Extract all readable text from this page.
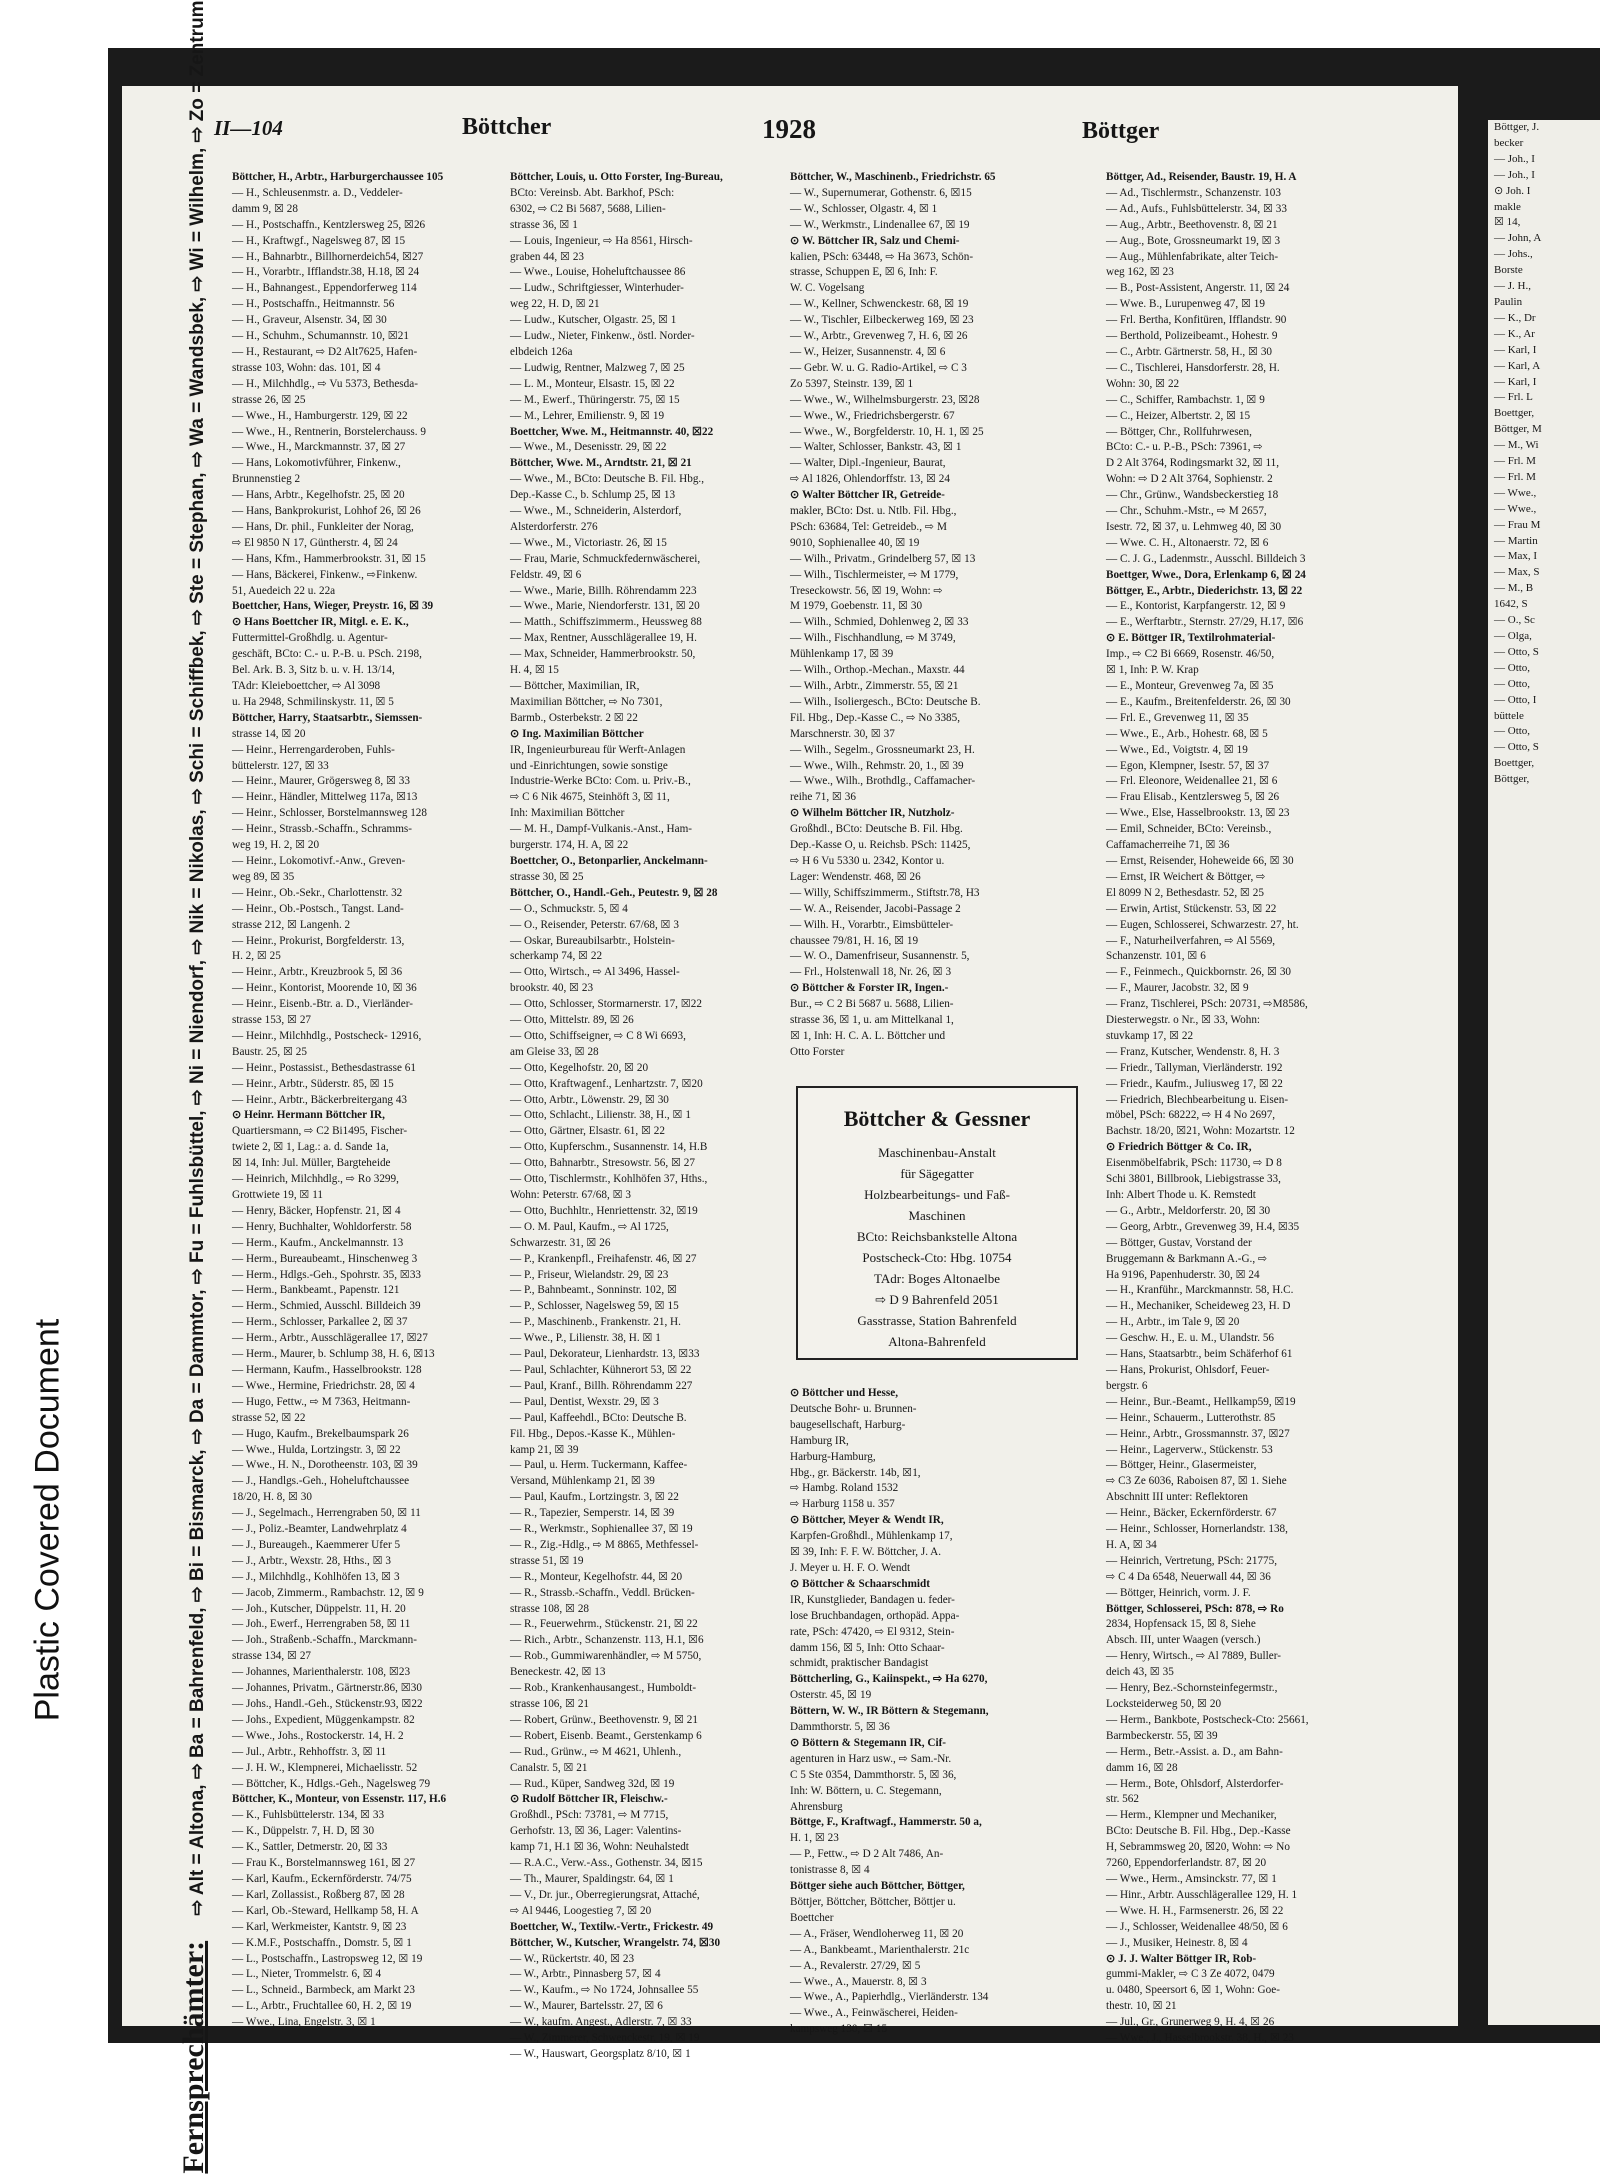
Plastic Covered Document
II—104	Böttcher	1928	Böttger
Fernsprechämter: ⇨ Alt = Altona, ⇨ Ba = Bahrenfeld, ⇨ Bi = Bismarck, ⇨ Da = Dammtor, ⇨ Fu = Fuhlsbüttel, ⇨ Ni = Niendorf, ⇨ Nik = Nikolas, ⇨ Schi = Schiffbek, ⇨ Ste = Stephan, ⇨ Wa = Wandsbek, ⇨ Wi = Wilhelm, ⇨ Zo = Zentrum Böttcher, H., Arbtr., Harburgerchaussee 105
— H., Schleusenmstr. a. D., Veddeler-
damm 9, ☒ 28
— H., Postschaffn., Kentzlersweg 25, ☒26
— H., Kraftwgf., Nagelsweg 87, ☒ 15
— H., Bahnarbtr., Billhornerdeich54, ☒27
— H., Vorarbtr., Ifflandstr.38, H.18, ☒ 24
— H., Bahnangest., Eppendorferweg 114
— H., Postschaffn., Heitmannstr. 56
— H., Graveur, Alsenstr. 34, ☒ 30
— H., Schuhm., Schumannstr. 10, ☒21
— H., Restaurant, ⇨ D2 Alt7625, Hafen-
strasse 103, Wohn: das. 101, ☒ 4
— H., Milchhdlg., ⇨ Vu 5373, Bethesda-
strasse 26, ☒ 25
— Wwe., H., Hamburgerstr. 129, ☒ 22
— Wwe., H., Rentnerin, Borstelerchauss. 9
— Wwe., H., Marckmannstr. 37, ☒ 27
— Hans, Lokomotivführer, Finkenw.,
Brunnenstieg 2
— Hans, Arbtr., Kegelhofstr. 25, ☒ 20
— Hans, Bankprokurist, Lohhof 26, ☒ 26
— Hans, Dr. phil., Funkleiter der Norag,
⇨ El 9850 N 17, Güntherstr. 4, ☒ 24
— Hans, Kfm., Hammerbrookstr. 31, ☒ 15
— Hans, Bäckerei, Finkenw., ⇨Finkenw.
51, Auedeich 22 u. 22a
Boettcher, Hans, Wieger, Preystr. 16, ☒ 39
⊙ Hans Boettcher IR, Mitgl. e. E. K.,
Futtermittel-Großhdlg. u. Agentur-
geschäft, BCto: C.- u. P.-B. u. PSch. 2198,
Bel. Ark. B. 3, Sitz b. u. v. H. 13/14,
TAdr: Kleieboettcher, ⇨ Al 3098
u. Ha 2948, Schmilinskystr. 11, ☒ 5
Böttcher, Harry, Staatsarbtr., Siemssen-
strasse 14, ☒ 20
— Heinr., Herrengarderoben, Fuhls-
büttelerstr. 127, ☒ 33
— Heinr., Maurer, Grögersweg 8, ☒ 33
— Heinr., Händler, Mittelweg 117a, ☒13
— Heinr., Schlosser, Borstelmannsweg 128
— Heinr., Strassb.-Schaffn., Schramms-
weg 19, H. 2, ☒ 20
— Heinr., Lokomotivf.-Anw., Greven-
weg 89, ☒ 35
— Heinr., Ob.-Sekr., Charlottenstr. 32
— Heinr., Ob.-Postsch., Tangst. Land-
strasse 212, ☒ Langenh. 2
— Heinr., Prokurist, Borgfelderstr. 13,
H. 2, ☒ 25
— Heinr., Arbtr., Kreuzbrook 5, ☒ 36
— Heinr., Kontorist, Moorende 10, ☒ 36
— Heinr., Eisenb.-Btr. a. D., Vierländer-
strasse 153, ☒ 27
— Heinr., Milchhdlg., Postscheck- 12916,
Baustr. 25, ☒ 25
— Heinr., Postassist., Bethesdastrasse 61
— Heinr., Arbtr., Süderstr. 85, ☒ 15
— Heinr., Arbtr., Bäckerbreitergang 43
⊙ Heinr. Hermann Böttcher IR,
Quartiersmann, ⇨ C2 Bi1495, Fischer-
twiete 2, ☒ 1, Lag.: a. d. Sande 1a,
☒ 14, Inh: Jul. Müller, Bargteheide
— Heinrich, Milchhdlg., ⇨ Ro 3299,
Grottwiete 19, ☒ 11
— Henry, Bäcker, Hopfenstr. 21, ☒ 4
— Henry, Buchhalter, Wohldorferstr. 58
— Herm., Kaufm., Anckelmannstr. 13
— Herm., Bureaubeamt., Hinschenweg 3
— Herm., Hdlgs.-Geh., Spohrstr. 35, ☒33
— Herm., Bankbeamt., Papenstr. 121
— Herm., Schmied, Ausschl. Billdeich 39
— Herm., Schlosser, Parkallee 2, ☒ 37
— Herm., Arbtr., Ausschlägerallee 17, ☒27
— Herm., Maurer, b. Schlump 38, H. 6, ☒13
— Hermann, Kaufm., Hasselbrookstr. 128
— Wwe., Hermine, Friedrichstr. 28, ☒ 4
— Hugo, Fettw., ⇨ M 7363, Heitmann-
strasse 52, ☒ 22
— Hugo, Kaufm., Brekelbaumspark 26
— Wwe., Hulda, Lortzingstr. 3, ☒ 22
— Wwe., H. N., Dorotheenstr. 103, ☒ 39
— J., Handlgs.-Geh., Hoheluftchaussee
18/20, H. 8, ☒ 30
— J., Segelmach., Herrengraben 50, ☒ 11
— J., Poliz.-Beamter, Landwehrplatz 4
— J., Bureaugeh., Kaemmerer Ufer 5
— J., Arbtr., Wexstr. 28, Hths., ☒ 3
— J., Milchhdlg., Kohlhöfen 13, ☒ 3
— Jacob, Zimmerm., Rambachstr. 12, ☒ 9
— Joh., Kutscher, Düppelstr. 11, H. 20
— Joh., Ewerf., Herrengraben 58, ☒ 11
— Joh., Straßenb.-Schaffn., Marckmann-
strasse 134, ☒ 27
— Johannes, Marienthalerstr. 108, ☒23
— Johannes, Privatm., Gärtnerstr.86, ☒30
— Johs., Handl.-Geh., Stückenstr.93, ☒22
— Johs., Expedient, Müggenkampstr. 82
— Wwe., Johs., Rostockerstr. 14, H. 2
— Jul., Arbtr., Rehhoffstr. 3, ☒ 11
— J. H. W., Klempnerei, Michaelisstr. 52
— Böttcher, K., Hdlgs.-Geh., Nagelsweg 79
Böttcher, K., Monteur, von Essenstr. 117, H.6
— K., Fuhlsbüttelerstr. 134, ☒ 33
— K., Düppelstr. 7, H. D, ☒ 30
— K., Sattler, Detmerstr. 20, ☒ 33
— Frau K., Borstelmannsweg 161, ☒ 27
— Karl, Kaufm., Eckernförderstr. 74/75
— Karl, Zollassist., Roßberg 87, ☒ 28
— Karl, Ob.-Steward, Hellkamp 58, H. A
— Karl, Werkmeister, Kantstr. 9, ☒ 23
— K.M.F., Postschaffn., Domstr. 5, ☒ 1
— L., Postschaffn., Lastropsweg 12, ☒ 19
— L., Nieter, Trommelstr. 6, ☒ 4
— L., Schneid., Barmbeck, am Markt 23
— L., Arbtr., Fruchtallee 60, H. 2, ☒ 19
— Wwe., Lina, Engelstr. 3, ☒ 1
Böttcher, Louis, u. Otto Forster, Ing-Bureau,
BCto: Vereinsb. Abt. Barkhof, PSch:
6302, ⇨ C2 Bi 5687, 5688, Lilien-
strasse 36, ☒ 1
— Louis, Ingenieur, ⇨ Ha 8561, Hirsch-
graben 44, ☒ 23
— Wwe., Louise, Hoheluftchaussee 86
— Ludw., Schriftgiesser, Winterhuder-
weg 22, H. D, ☒ 21
— Ludw., Kutscher, Olgastr. 25, ☒ 1
— Ludw., Nieter, Finkenw., östl. Norder-
elbdeich 126a
— Ludwig, Rentner, Malzweg 7, ☒ 25
— L. M., Monteur, Elsastr. 15, ☒ 22
— M., Ewerf., Thüringerstr. 75, ☒ 15
— M., Lehrer, Emilienstr. 9, ☒ 19
Boettcher, Wwe. M., Heitmannstr. 40, ☒22
— Wwe., M., Desenisstr. 29, ☒ 22
Böttcher, Wwe. M., Arndtstr. 21, ☒ 21
— Wwe., M., BCto: Deutsche B. Fil. Hbg.,
Dep.-Kasse C., b. Schlump 25, ☒ 13
— Wwe., M., Schneiderin, Alsterdorf,
Alsterdorferstr. 276
— Wwe., M., Victoriastr. 26, ☒ 15
— Frau, Marie, Schmuckfedernwäscherei,
Feldstr. 49, ☒ 6
— Wwe., Marie, Billh. Röhrendamm 223
— Wwe., Marie, Niendorferstr. 131, ☒ 20
— Matth., Schiffszimmerm., Heussweg 88
— Max, Rentner, Ausschlägerallee 19, H.
— Max, Schneider, Hammerbrookstr. 50,
H. 4, ☒ 15
— Böttcher, Maximilian, IR,
Maximilian Böttcher, ⇨ No 7301,
Barmb., Osterbekstr. 2 ☒ 22
⊙ Ing. Maximilian Böttcher
IR, Ingenieurbureau für Werft-Anlagen
und -Einrichtungen, sowie sonstige
Industrie-Werke BCto: Com. u. Priv.-B.,
⇨ C 6 Nik 4675, Steinhöft 3, ☒ 11,
Inh: Maximilian Böttcher
— M. H., Dampf-Vulkanis.-Anst., Ham-
burgerstr. 174, H. A, ☒ 22
Boettcher, O., Betonparlier, Anckelmann-
strasse 30, ☒ 25
Böttcher, O., Handl.-Geh., Peutestr. 9, ☒ 28
— O., Schmuckstr. 5, ☒ 4
— O., Reisender, Peterstr. 67/68, ☒ 3
— Oskar, Bureaubilsarbtr., Holstein-
scherkamp 74, ☒ 22
— Otto, Wirtsch., ⇨ Al 3496, Hassel-
brookstr. 40, ☒ 23
— Otto, Schlosser, Stormarnerstr. 17, ☒22
— Otto, Mittelstr. 89, ☒ 26
— Otto, Schiffseigner, ⇨ C 8 Wi 6693,
am Gleise 33, ☒ 28
— Otto, Kegelhofstr. 20, ☒ 20
— Otto, Kraftwagenf., Lenhartzstr. 7, ☒20
— Otto, Arbtr., Löwenstr. 29, ☒ 30
— Otto, Schlacht., Lilienstr. 38, H., ☒ 1
— Otto, Gärtner, Elsastr. 61, ☒ 22
— Otto, Kupferschm., Susannenstr. 14, H.B
— Otto, Bahnarbtr., Stresowstr. 56, ☒ 27
— Otto, Tischlermstr., Kohlhöfen 37, Hths.,
Wohn: Peterstr. 67/68, ☒ 3
— Otto, Buchhltr., Henriettenstr. 32, ☒19
— O. M. Paul, Kaufm., ⇨ Al 1725,
Schwarzestr. 31, ☒ 26
— P., Krankenpfl., Freihafenstr. 46, ☒ 27
— P., Friseur, Wielandstr. 29, ☒ 23
— P., Bahnbeamt., Sonninstr. 102, ☒
— P., Schlosser, Nagelsweg 59, ☒ 15
— P., Maschinenb., Frankenstr. 21, H.
— Wwe., P., Lilienstr. 38, H. ☒ 1
— Paul, Dekorateur, Lienhardstr. 13, ☒33
— Paul, Schlachter, Kühnerort 53, ☒ 22
— Paul, Kranf., Billh. Röhrendamm 227
— Paul, Dentist, Wexstr. 29, ☒ 3
— Paul, Kaffeehdl., BCto: Deutsche B.
Fil. Hbg., Depos.-Kasse K., Mühlen-
kamp 21, ☒ 39
— Paul, u. Herm. Tuckermann, Kaffee-
Versand, Mühlenkamp 21, ☒ 39
— Paul, Kaufm., Lortzingstr. 3, ☒ 22
— R., Tapezier, Semperstr. 14, ☒ 39
— R., Werkmstr., Sophienallee 37, ☒ 19
— R., Zig.-Hdlg., ⇨ M 8865, Methfessel-
strasse 51, ☒ 19
— R., Monteur, Kegelhofstr. 44, ☒ 20
— R., Strassb.-Schaffn., Veddl. Brücken-
strasse 108, ☒ 28
— R., Feuerwehrm., Stückenstr. 21, ☒ 22
— Rich., Arbtr., Schanzenstr. 113, H.1, ☒6
— Rob., Gummiwarenhändler, ⇨ M 5750,
Beneckestr. 42, ☒ 13
— Rob., Krankenhausangest., Humboldt-
strasse 106, ☒ 21
— Robert, Grünw., Beethovenstr. 9, ☒ 21
— Robert, Eisenb. Beamt., Gerstenkamp 6
— Rud., Grünw., ⇨ M 4621, Uhlenh.,
Canalstr. 5, ☒ 21
— Rud., Küper, Sandweg 32d, ☒ 19
⊙ Rudolf Böttcher IR, Fleischw.-
Großhdl., PSch: 73781, ⇨ M 7715,
Gerhofstr. 13, ☒ 36, Lager: Valentins-
kamp 71, H.1 ☒ 36, Wohn: Neuhalstedt
— R.A.C., Verw.-Ass., Gothenstr. 34, ☒15
— Th., Maurer, Spaldingstr. 64, ☒ 1
— V., Dr. jur., Oberregierungsrat, Attaché,
⇨ Al 9446, Loogestieg 7, ☒ 20
Boettcher, W., Textilw.-Vertr., Frickestr. 49
Böttcher, W., Kutscher, Wrangelstr. 74, ☒30
— W., Rückertstr. 40, ☒ 23
— W., Arbtr., Pinnasberg 57, ☒ 4
— W., Kaufm., ⇨ No 1724, Johnsallee 55
— W., Maurer, Bartelsstr. 27, ☒ 6
— W., kaufm. Angest., Adlerstr. 7, ☒ 33
— W., Zimmerer, Schwenckestr. 19, ☒ 19
— W., Hauswart, Georgsplatz 8/10, ☒ 1
Böttcher, W., Maschinenb., Friedrichstr. 65
— W., Supernumerar, Gothenstr. 6, ☒15
— W., Schlosser, Olgastr. 4, ☒ 1
— W., Werkmstr., Lindenallee 67, ☒ 19
⊙ W. Böttcher IR, Salz und Chemi-
kalien, PSch: 63448, ⇨ Ha 3673, Schön-
strasse, Schuppen E, ☒ 6, Inh: F.
W. C. Vogelsang
— W., Kellner, Schwenckestr. 68, ☒ 19
— W., Tischler, Eilbeckerweg 169, ☒ 23
— W., Arbtr., Grevenweg 7, H. 6, ☒ 26
— W., Heizer, Susannenstr. 4, ☒ 6
— Gebr. W. u. G. Radio-Artikel, ⇨ C 3
Zo 5397, Steinstr. 139, ☒ 1
— Wwe., W., Wilhelmsburgerstr. 23, ☒28
— Wwe., W., Friedrichsbergerstr. 67
— Wwe., W., Borgfelderstr. 10, H. 1, ☒ 25
— Walter, Schlosser, Bankstr. 43, ☒ 1
— Walter, Dipl.-Ingenieur, Baurat,
⇨ Al 1826, Ohlendorffstr. 13, ☒ 24
⊙ Walter Böttcher IR, Getreide-
makler, BCto: Dst. u. Ntlb. Fil. Hbg.,
PSch: 63684, Tel: Getreideb., ⇨ M
9010, Sophienallee 40, ☒ 19
— Wilh., Privatm., Grindelberg 57, ☒ 13
— Wilh., Tischlermeister, ⇨ M 1779,
Treseckowstr. 56, ☒ 19, Wohn: ⇨
M 1979, Goebenstr. 11, ☒ 30
— Wilh., Schmied, Dohlenweg 2, ☒ 33
— Wilh., Fischhandlung, ⇨ M 3749,
Mühlenkamp 17, ☒ 39
— Wilh., Orthop.-Mechan., Maxstr. 44
— Wilh., Arbtr., Zimmerstr. 55, ☒ 21
— Wilh., Isoliergesch., BCto: Deutsche B.
Fil. Hbg., Dep.-Kasse C., ⇨ No 3385,
Marschnerstr. 30, ☒ 37
— Wilh., Segelm., Grossneumarkt 23, H.
— Wwe., Wilh., Rehmstr. 20, 1., ☒ 39
— Wwe., Wilh., Brothdlg., Caffamacher-
reihe 71, ☒ 36
⊙ Wilhelm Böttcher IR, Nutzholz-
Großhdl., BCto: Deutsche B. Fil. Hbg.
Dep.-Kasse O, u. Reichsb. PSch: 11425,
⇨ H 6 Vu 5330 u. 2342, Kontor u.
Lager: Wendenstr. 468, ☒ 26
— Willy, Schiffszimmerm., Stiftstr.78, H3
— W. A., Reisender, Jacobi-Passage 2
— Wilh. H., Vorarbtr., Eimsbütteler-
chaussee 79/81, H. 16, ☒ 19
— W. O., Damenfriseur, Susannenstr. 5,
— Frl., Holstenwall 18, Nr. 26, ☒ 3
⊙ Böttcher & Forster IR, Ingen.-
Bur., ⇨ C 2 Bi 5687 u. 5688, Lilien-
strasse 36, ☒ 1, u. am Mittelkanal 1,
☒ 1, Inh: H. C. A. L. Böttcher und
Otto Forster
Böttcher & Gessner
Maschinenbau-Anstalt
für Sägegatter
Holzbearbeitungs- und Faß-
Maschinen
BCto: Reichsbankstelle Altona
Postscheck-Cto: Hbg. 10754
TAdr: Boges Altonaelbe
⇨ D 9 Bahrenfeld 2051
Gasstrasse, Station Bahrenfeld
Altona-Bahrenfeld
⊙ Böttcher und Hesse,
Deutsche Bohr- u. Brunnen-
baugesellschaft, Harburg-
Hamburg IR,
Harburg-Hamburg,
Hbg., gr. Bäckerstr. 14b, ☒1,
⇨ Hambg. Roland 1532
⇨ Harburg 1158 u. 357
⊙ Böttcher, Meyer & Wendt IR,
Karpfen-Großhdl., Mühlenkamp 17,
☒ 39, Inh: F. F. W. Böttcher, J. A.
J. Meyer u. H. F. O. Wendt
⊙ Böttcher & Schaarschmidt
IR, Kunstglieder, Bandagen u. feder-
lose Bruchbandagen, orthopäd. Appa-
rate, PSch: 47420, ⇨ El 9312, Stein-
damm 156, ☒ 5, Inh: Otto Schaar-
schmidt, praktischer Bandagist
Böttcherling, G., Kaiinspekt., ⇨ Ha 6270,
Osterstr. 45, ☒ 19
Böttern, W. W., IR Böttern & Stegemann,
Dammthorstr. 5, ☒ 36
⊙ Böttern & Stegemann IR, Cif-
agenturen in Harz usw., ⇨ Sam.-Nr.
C 5 Ste 0354, Dammthorstr. 5, ☒ 36,
Inh: W. Böttern, u. C. Stegemann,
Ahrensburg
Böttge, F., Kraftwagf., Hammerstr. 50 a,
H. 1, ☒ 23
— P., Fettw., ⇨ D 2 Alt 7486, An-
tonistrasse 8, ☒ 4
Böttger siehe auch Böttcher, Böttger,
Böttjer, Böttcher, Böttcher, Böttjer u.
Boettcher
— A., Fräser, Wendloherweg 11, ☒ 20
— A., Bankbeamt., Marienthalerstr. 21c
— A., Revalerstr. 27/29, ☒ 5
— Wwe., A., Mauerstr. 8, ☒ 3
— Wwe., A., Papierhdlg., Vierländerstr. 134
— Wwe., A., Feinwäscherei, Heiden-
kampsweg 130, ☒ 15
Böttger, Ad., Reisender, Baustr. 19, H. A
— Ad., Tischlermstr., Schanzenstr. 103
— Ad., Aufs., Fuhlsbüttelerstr. 34, ☒ 33
— Aug., Arbtr., Beethovenstr. 8, ☒ 21
— Aug., Bote, Grossneumarkt 19, ☒ 3
— Aug., Mühlenfabrikate, alter Teich-
weg 162, ☒ 23
— B., Post-Assistent, Angerstr. 11, ☒ 24
— Wwe. B., Lurupenweg 47, ☒ 19
— Frl. Bertha, Konfitüren, Ifflandstr. 90
— Berthold, Polizeibeamt., Hohestr. 9
— C., Arbtr. Gärtnerstr. 58, H., ☒ 30
— C., Tischlerei, Hansdorferstr. 28, H.
Wohn: 30, ☒ 22
— C., Schiffer, Rambachstr. 1, ☒ 9
— C., Heizer, Albertstr. 2, ☒ 15
— Böttger, Chr., Rollfuhrwesen,
BCto: C.- u. P.-B., PSch: 73961, ⇨
D 2 Alt 3764, Rodingsmarkt 32, ☒ 11,
Wohn: ⇨ D 2 Alt 3764, Sophienstr. 2
— Chr., Grünw., Wandsbeckerstieg 18
— Chr., Schuhm.-Mstr., ⇨ M 2657,
Isestr. 72, ☒ 37, u. Lehmweg 40, ☒ 30
— Wwe. C. H., Altonaerstr. 72, ☒ 6
— C. J. G., Ladenmstr., Ausschl. Billdeich 3
Boettger, Wwe., Dora, Erlenkamp 6, ☒ 24
Böttger, E., Arbtr., Diederichstr. 13, ☒ 22
— E., Kontorist, Karpfangerstr. 12, ☒ 9
— E., Werftarbtr., Sternstr. 27/29, H.17, ☒6
⊙ E. Böttger IR, Textilrohmaterial-
Imp., ⇨ C2 Bi 6669, Rosenstr. 46/50,
☒ 1, Inh: P. W. Krap
— E., Monteur, Grevenweg 7a, ☒ 35
— E., Kaufm., Breitenfelderstr. 26, ☒ 30
— Frl. E., Grevenweg 11, ☒ 35
— Wwe., E., Arb., Hohestr. 68, ☒ 5
— Wwe., Ed., Voigtstr. 4, ☒ 19
— Egon, Klempner, Isestr. 57, ☒ 37
— Frl. Eleonore, Weidenallee 21, ☒ 6
— Frau Elisab., Kentzlersweg 5, ☒ 26
— Wwe., Else, Hasselbrookstr. 13, ☒ 23
— Emil, Schneider, BCto: Vereinsb.,
Caffamacherreihe 71, ☒ 36
— Ernst, Reisender, Hoheweide 66, ☒ 30
— Ernst, IR Weichert & Böttger, ⇨
El 8099 N 2, Bethesdastr. 52, ☒ 25
— Erwin, Artist, Stückenstr. 53, ☒ 22
— Eugen, Schlosserei, Schwarzestr. 27, ht.
— F., Naturheilverfahren, ⇨ Al 5569,
Schanzenstr. 101, ☒ 6
— F., Feinmech., Quickbornstr. 26, ☒ 30
— F., Maurer, Jacobstr. 32, ☒ 9
— Franz, Tischlerei, PSch: 20731, ⇨M8586,
Diesterwegstr. o Nr., ☒ 33, Wohn:
stuvkamp 17, ☒ 22
— Franz, Kutscher, Wendenstr. 8, H. 3
— Friedr., Tallyman, Vierländerstr. 192
— Friedr., Kaufm., Juliusweg 17, ☒ 22
— Friedrich, Blechbearbeitung u. Eisen-
möbel, PSch: 68222, ⇨ H 4 No 2697,
Bachstr. 18/20, ☒21, Wohn: Mozartstr. 12
⊙ Friedrich Böttger & Co. IR,
Eisenmöbelfabrik, PSch: 11730, ⇨ D 8
Schi 3801, Billbrook, Liebigstrasse 33,
Inh: Albert Thode u. K. Remstedt
— G., Arbtr., Meldorferstr. 20, ☒ 30
— Georg, Arbtr., Grevenweg 39, H.4, ☒35
— Böttger, Gustav, Vorstand der
Bruggemann & Barkmann A.-G., ⇨
Ha 9196, Papenhuderstr. 30, ☒ 24
— H., Kranführ., Marckmannstr. 58, H.C.
— H., Mechaniker, Scheideweg 23, H. D
— H., Arbtr., im Tale 9, ☒ 20
— Geschw. H., E. u. M., Ulandstr. 56
— Hans, Staatsarbtr., beim Schäferhof 61
— Hans, Prokurist, Ohlsdorf, Feuer-
bergstr. 6
— Heinr., Bur.-Beamt., Hellkamp59, ☒19
— Heinr., Schauerm., Lutterothstr. 85
— Heinr., Arbtr., Grossmannstr. 37, ☒27
— Heinr., Lagerverw., Stückenstr. 53
— Böttger, Heinr., Glasermeister,
⇨ C3 Ze 6036, Raboisen 87, ☒ 1. Siehe
Abschnitt III unter: Reflektoren
— Heinr., Bäcker, Eckernförderstr. 67
— Heinr., Schlosser, Hornerlandstr. 138,
H. A, ☒ 34
— Heinrich, Vertretung, PSch: 21775,
⇨ C 4 Da 6548, Neuerwall 44, ☒ 36
— Böttger, Heinrich, vorm. J. F.
Böttger, Schlosserei, PSch: 878, ⇨ Ro
2834, Hopfensack 15, ☒ 8, Siehe
Absch. III, unter Waagen (versch.)
— Henry, Wirtsch., ⇨ Al 7889, Buller-
deich 43, ☒ 35
— Henry, Bez.-Schornsteinfegermstr.,
Locksteiderweg 50, ☒ 20
— Herm., Bankbote, Postscheck-Cto: 25661,
Barmbeckerstr. 55, ☒ 39
— Herm., Betr.-Assist. a. D., am Bahn-
damm 16, ☒ 28
— Herm., Bote, Ohlsdorf, Alsterdorfer-
str. 562
— Herm., Klempner und Mechaniker,
BCto: Deutsche B. Fil. Hbg., Dep.-Kasse
H, Sebrammsweg 20, ☒20, Wohn: ⇨ No
7260, Eppendorferlandstr. 87, ☒ 20
— Wwe., Herm., Amsinckstr. 77, ☒ 1
— Hinr., Arbtr. Ausschlägerallee 129, H. 1
— Wwe. H. H., Farmsenerstr. 26, ☒ 22
— J., Schlosser, Weidenallee 48/50, ☒ 6
— J., Musiker, Heinestr. 8, ☒ 4
⊙ J. J. Walter Böttger IR, Rob-
gummi-Makler, ⇨ C 3 Ze 4072, 0479
u. 0480, Speersort 6, ☒ 1, Wohn: Goe-
thestr. 10, ☒ 21
— Jul., Gr., Grunerweg 9, H. 4, ☒ 26
— Wwe., J., Hasselbrookstr. 38, H., ☒ 23
Böttger, J.
becker
— Joh., I
— Joh., I
⊙ Joh. I
makle
☒ 14,
— John, A
— Johs.,
Borste
— J. H.,
Paulin
— K., Dr
— K., Ar
— Karl, I
— Karl, A
— Karl, I
— Frl. L
Boettger,
Böttger, M
— M., Wi
— Frl. M
— Frl. M
— Wwe.,
— Wwe.,
— Frau M
— Martin
— Max, I
— Max, S
— M., B
1642, S
— O., Sc
— Olga,
— Otto, S
— Otto,
— Otto,
— Otto, I
büttele
— Otto,
— Otto, S
Boettger,
Böttger,
